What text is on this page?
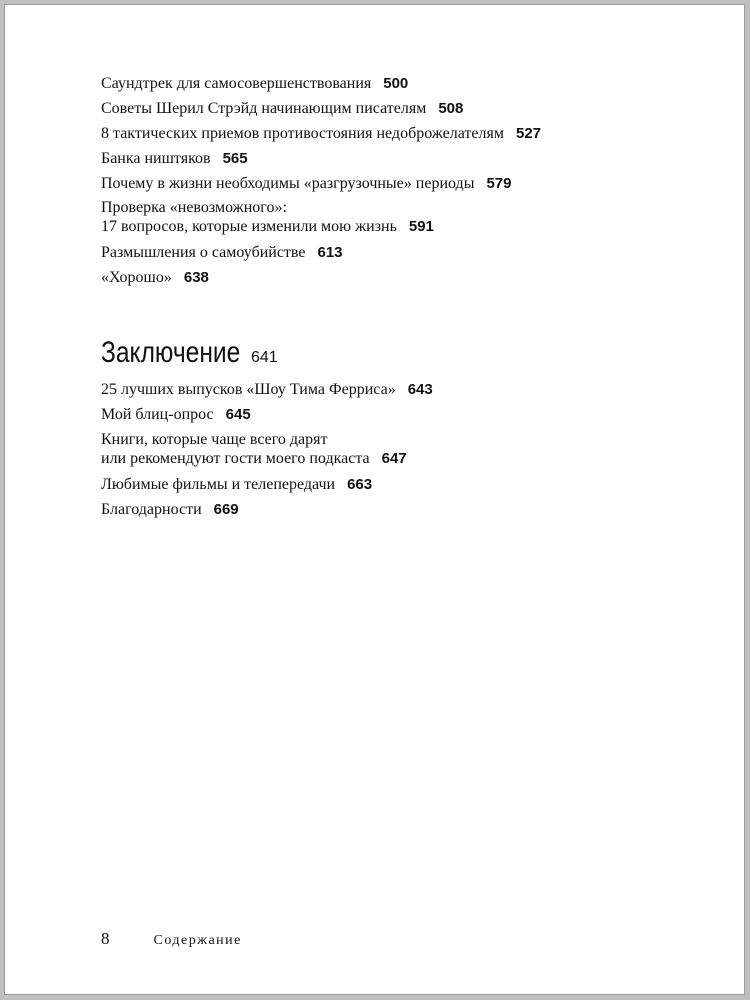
Саундтрек для самосовершенствования 500
Советы Шерил Стрэйд начинающим писателям 508
8 тактических приемов противостояния недоброжелателям 527
Банка ништяков 565
Почему в жизни необходимы «разгрузочные» периоды 579
Проверка «невозможного»:
17 вопросов, которые изменили мою жизнь 591
Размышления о самоубийстве 613
«Хорошо» 638
Заключение 641
25 лучших выпусков «Шоу Тима Ферриса» 643
Мой блиц-опрос 645
Книги, которые чаще всего дарят
или рекомендуют гости моего подкаста 647
Любимые фильмы и телепередачи 663
Благодарности 669
8	Содержание
